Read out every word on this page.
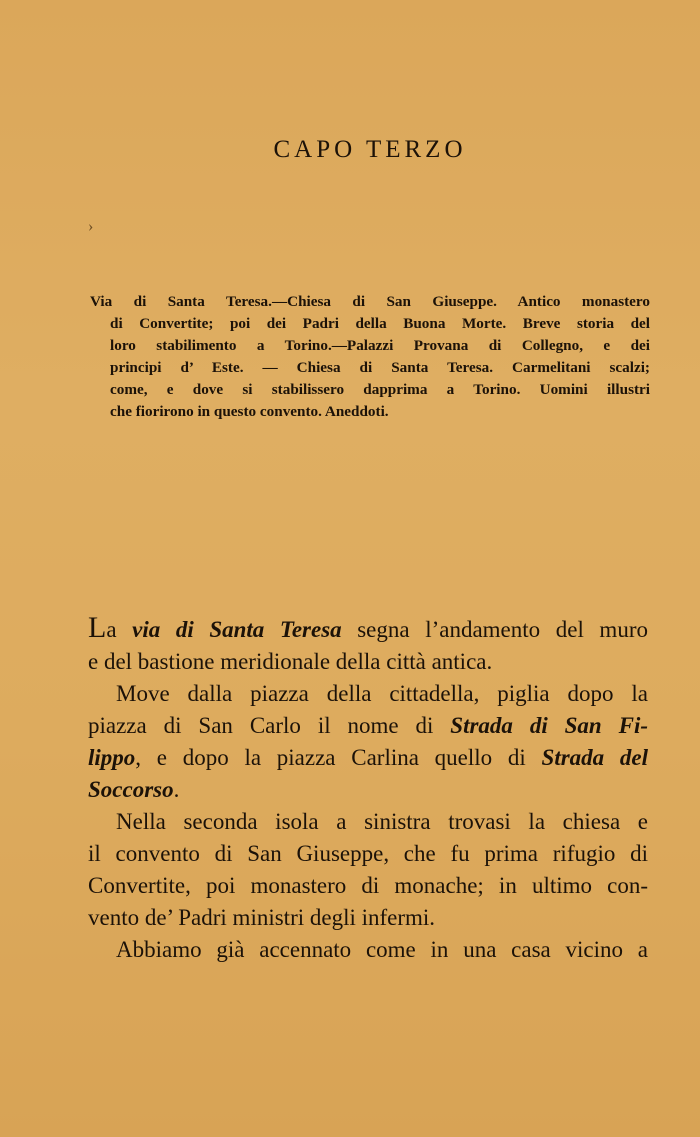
CAPO TERZO
›
Via di Santa Teresa.—Chiesa di San Giuseppe. Antico monastero
di Convertite; poi dei Padri della Buona Morte. Breve storia del
loro stabilimento a Torino.—Palazzi Provana di Collegno, e dei
principi d’ Este. — Chiesa di Santa Teresa. Carmelitani scalzi;
come, e dove si stabilissero dapprima a Torino. Uomini illustri
che fiorirono in questo convento. Aneddoti.
La via di Santa Teresa segna l’andamento del muro
e del bastione meridionale della città antica.
Move dalla piazza della cittadella, piglia dopo la
piazza di San Carlo il nome di Strada di San Fi-
lippo, e dopo la piazza Carlina quello di Strada del
Soccorso.
Nella seconda isola a sinistra trovasi la chiesa e
il convento di San Giuseppe, che fu prima rifugio di
Convertite, poi monastero di monache; in ultimo con-
vento de’ Padri ministri degli infermi.
Abbiamo già accennato come in una casa vicino a
